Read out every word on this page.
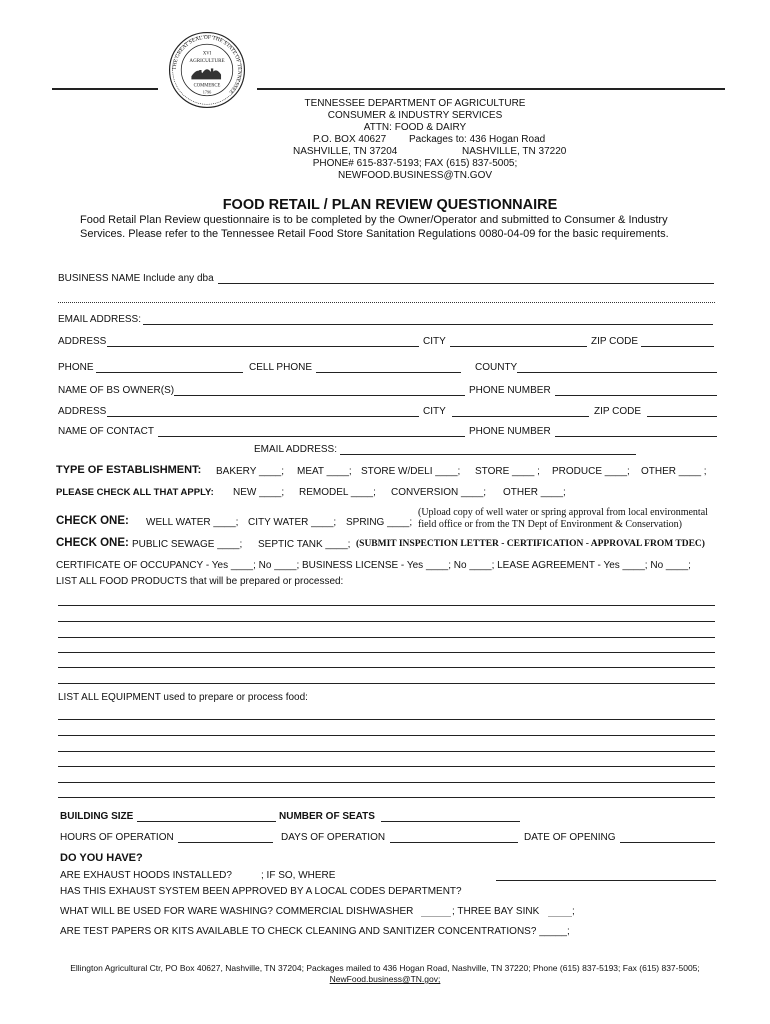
THE GREAT SEAL OF THE STATE OF TENNESSEE
XVI
AGRICULTURE
COMMERCE
1796
TENNESSEE DEPARTMENT OF AGRICULTURE
CONSUMER & INDUSTRY SERVICES
ATTN: FOOD & DAIRY
P.O. BOX 40627 Packages to: 436 Hogan Road
NASHVILLE, TN 37204	NASHVILLE, TN 37220
PHONE# 615-837-5193; FAX (615) 837-5005;
NEWFOOD.BUSINESS@TN.GOV
FOOD RETAIL / PLAN REVIEW QUESTIONNAIRE
Food Retail Plan Review questionnaire is to be completed by the Owner/Operator and submitted to Consumer & Industry
Services. Please refer to the Tennessee Retail Food Store Sanitation Regulations 0080-04-09 for the basic requirements.
BUSINESS NAME Include any dba
EMAIL ADDRESS:
ADDRESS	CITY	ZIP CODE
PHONE	CELL PHONE	COUNTY
NAME OF BS OWNER(S)	PHONE NUMBER
ADDRESS	CITY	ZIP CODE
NAME OF CONTACT	PHONE NUMBER
EMAIL ADDRESS:
TYPE OF ESTABLISHMENT: BAKERY ____; MEAT ____; STORE W/DELI ____; STORE ____ ; PRODUCE ____; OTHER ____ ;
PLEASE CHECK ALL THAT APPLY: NEW ____; REMODEL ____; CONVERSION ____; OTHER ____;
CHECK ONE: WELL WATER ____; CITY WATER ____; SPRING ____;
(Upload copy of well water or spring approval from local environmental
field office or from the TN Dept of Environment & Conservation)
CHECK ONE: PUBLIC SEWAGE ____; SEPTIC TANK ____; (SUBMIT INSPECTION LETTER - CERTIFICATION - APPROVAL FROM TDEC)
CERTIFICATE OF OCCUPANCY - Yes ____; No ____; BUSINESS LICENSE - Yes ____; No ____; LEASE AGREEMENT - Yes ____; No ____;
LIST ALL FOOD PRODUCTS that will be prepared or processed:
LIST ALL EQUIPMENT used to prepare or process food:
BUILDING SIZE	NUMBER OF SEATS
HOURS OF OPERATION	DAYS OF OPERATION	DATE OF OPENING
DO YOU HAVE?
ARE EXHAUST HOODS INSTALLED?	; IF SO, WHERE
HAS THIS EXHAUST SYSTEM BEEN APPROVED BY A LOCAL CODES DEPARTMENT?
WHAT WILL BE USED FOR WARE WASHING? COMMERCIAL DISHWASHER	; THREE BAY SINK	;
ARE TEST PAPERS OR KITS AVAILABLE TO CHECK CLEANING AND SANITIZER CONCENTRATIONS? _____;
Ellington Agricultural Ctr, PO Box 40627, Nashville, TN 37204; Packages mailed to 436 Hogan Road, Nashville, TN 37220; Phone (615) 837-5193; Fax (615) 837-5005;
NewFood.business@TN.gov;
